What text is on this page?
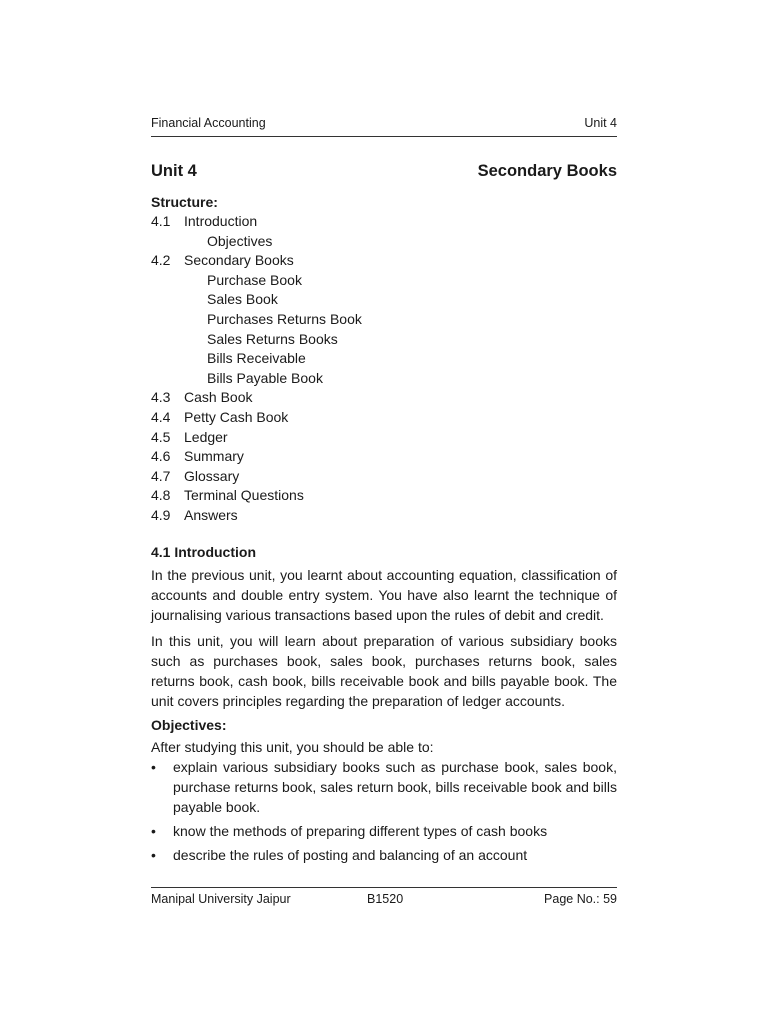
Financial Accounting	Unit 4
Unit 4	Secondary Books
Structure:
4.1 Introduction
Objectives
4.2 Secondary Books
Purchase Book
Sales Book
Purchases Returns Book
Sales Returns Books
Bills Receivable
Bills Payable Book
4.3 Cash Book
4.4 Petty Cash Book
4.5 Ledger
4.6 Summary
4.7 Glossary
4.8 Terminal Questions
4.9 Answers
4.1 Introduction

In the previous unit, you learnt about accounting equation, classification of accounts and double entry system. You have also learnt the technique of journalising various transactions based upon the rules of debit and credit.

In this unit, you will learn about preparation of various subsidiary books such as purchases book, sales book, purchases returns book, sales returns book, cash book, bills receivable book and bills payable book. The unit covers principles regarding the preparation of ledger accounts.

Objectives:
After studying this unit, you should be able to:
• explain various subsidiary books such as purchase book, sales book, purchase returns book, sales return book, bills receivable book and bills payable book.
• know the methods of preparing different types of cash books
• describe the rules of posting and balancing of an account
Manipal University Jaipur	B1520	Page No.: 59
